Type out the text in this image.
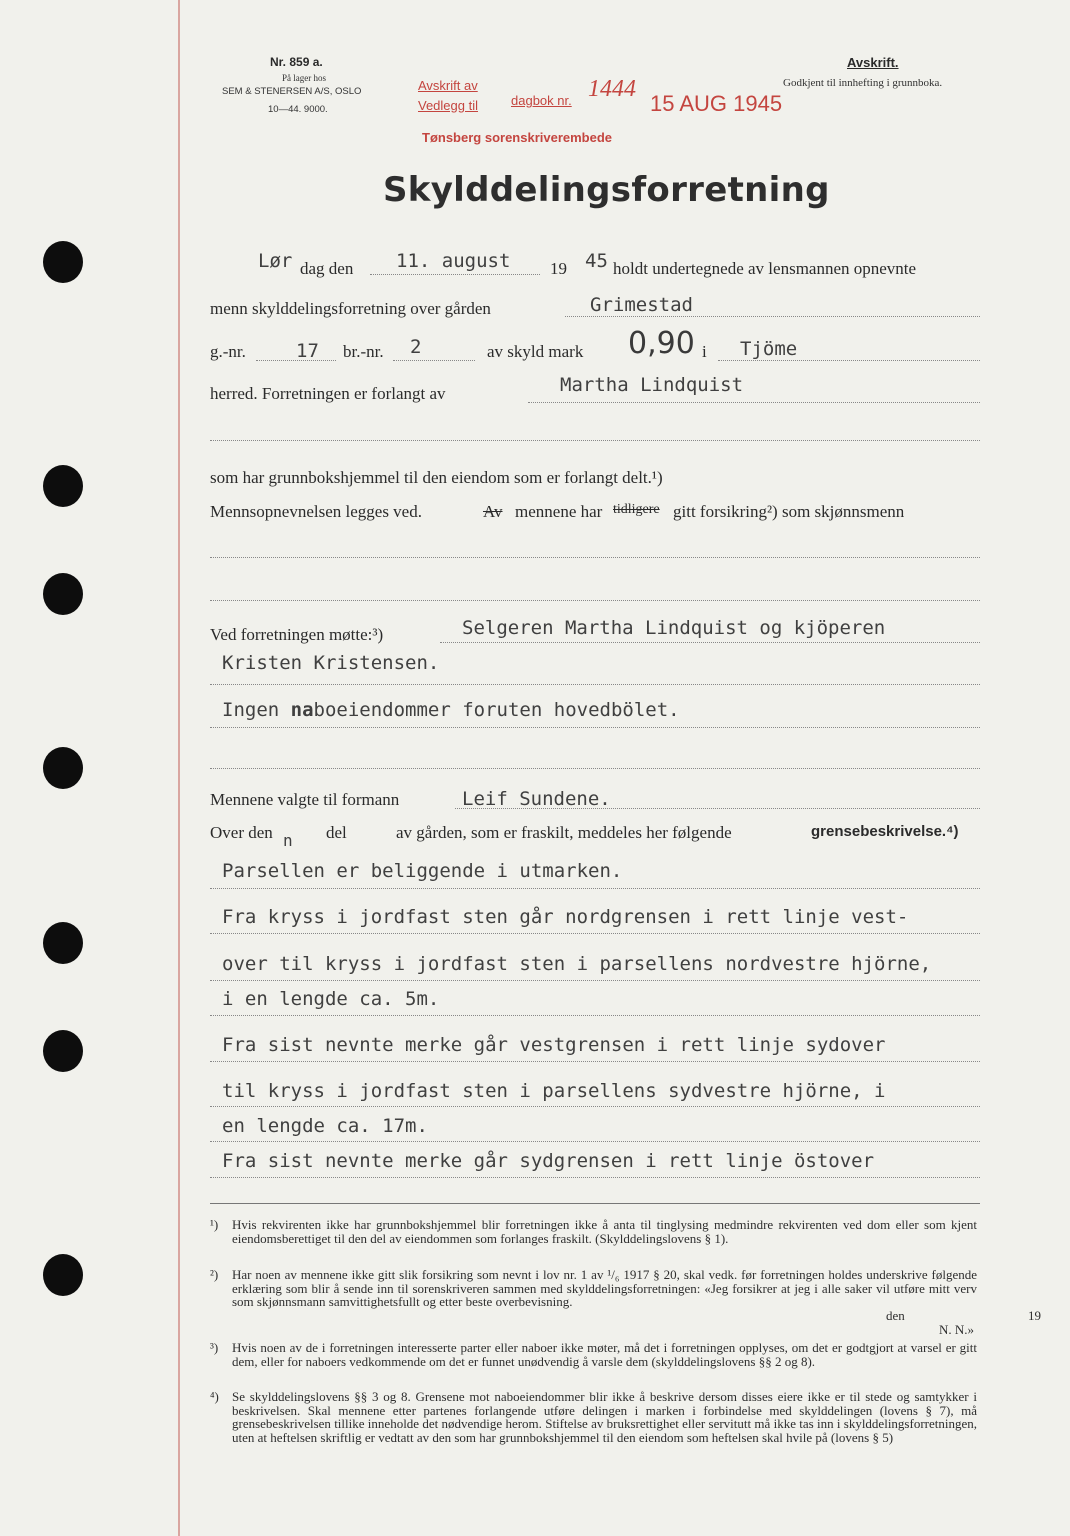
Nr. 859 a.
På lager hos
SEM & STENERSEN A/S, OSLO
10—44. 9000.
Avskrift.
Godkjent til innhefting i grunnboka.
Avskrift av
Vedlegg til	dagbok nr. 1444
15 AUG 1945
Tønsberg sorenskriverembede
Skylddelingsforretning
Lør dag den 11. august 19 45 holdt undertegnede av lensmannen opnevnte
menn skylddelingsforretning over gården	Grimestad
g.-nr.	17 br.-nr. 2	av skyld mark 0,90 i Tjöme
herred. Forretningen er forlangt av	Martha Lindquist
som har grunnbokshjemmel til den eiendom som er forlangt delt.¹)
Mennsopnevnelsen legges ved.	Av mennene har tidligere gitt forsikring²) som skjønnsmenn
Ved forretningen møtte:³)	Selgeren Martha Lindquist og kjöperen
Kristen Kristensen.
Ingen naboeiendommer foruten hovedbölet.
Mennene valgte til formann	Leif Sundene.
Over den n del	av gården, som er fraskilt, meddeles her følgende	grensebeskrivelse.⁴)
Parsellen er beliggende i utmarken.
Fra kryss i jordfast sten går nordgrensen i rett linje vest-
over til kryss i jordfast sten i parsellens nordvestre hjörne,
i en lengde ca. 5m.
Fra sist nevnte merke går vestgrensen i rett linje sydover
til kryss i jordfast sten i parsellens sydvestre hjörne, i
en lengde ca. 17m.
Fra sist nevnte merke går sydgrensen i rett linje östover
¹) Hvis rekvirenten ikke har grunnbokshjemmel blir forretningen ikke å anta til tinglysing medmindre rekvirenten ved dom eller som kjent eiendomsberettiget til den del av eiendommen som forlanges fraskilt. (Skylddelingslovens § 1).
²) Har noen av mennene ikke gitt slik forsikring som nevnt i lov nr. 1 av ¹/₆ 1917 § 20, skal vedk. før forretningen holdes underskrive følgende erklæring som blir å sende inn til sorenskriveren sammen med skylddelingsforretningen: «Jeg forsikrer at jeg i alle saker vil utføre mitt verv som skjønnsmann samvittighetsfullt og etter beste overbevisning.
den	19
N. N.»
³) Hvis noen av de i forretningen interesserte parter eller naboer ikke møter, må det i forretningen opplyses, om det er godtgjort at varsel er gitt dem, eller for naboers vedkommende om det er funnet unødvendig å varsle dem (skylddelingslovens §§ 2 og 8).
⁴) Se skylddelingslovens §§ 3 og 8. Grensene mot naboeiendommer blir ikke å beskrive dersom disses eiere ikke er til stede og samtykker i beskrivelsen. Skal mennene etter partenes forlangende utføre delingen i marken i forbindelse med skylddelingen (lovens § 7), må grensebeskrivelsen tillike inneholde det nødvendige herom. Stiftelse av bruksrettighet eller servitutt må ikke tas inn i skylddelingsforretningen, uten at heftelsen skriftlig er vedtatt av den som har grunnbokshjemmel til den eiendom som heftelsen skal hvile på (lovens § 5)
